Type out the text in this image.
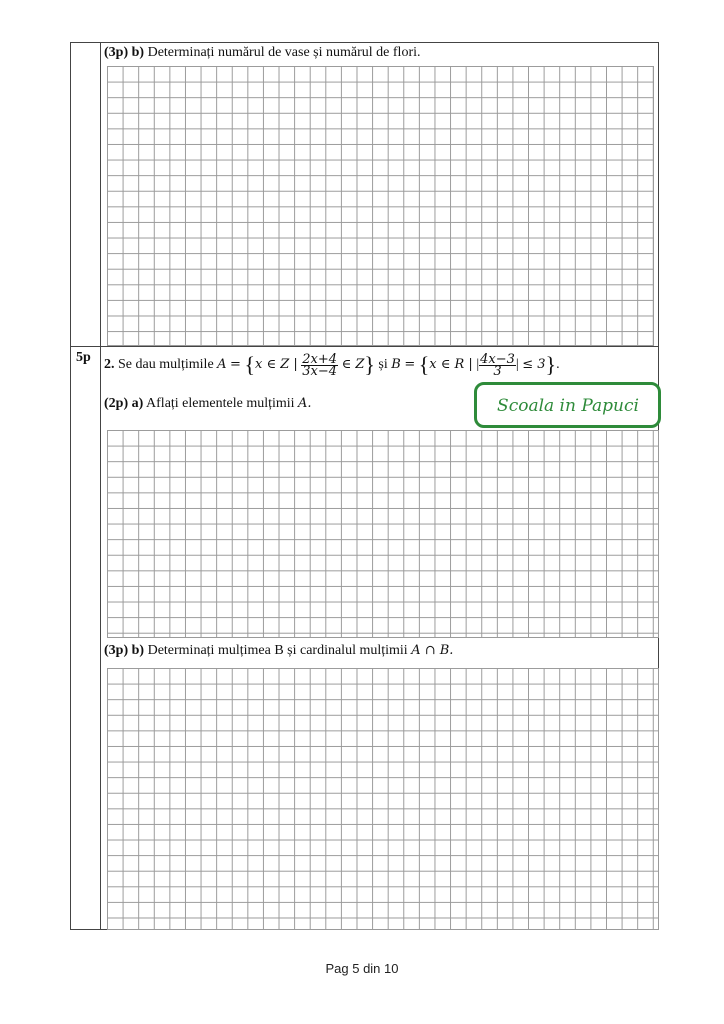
(3p) b) Determinați numărul de vase și numărul de flori.
5p 2. Se dau mulțimile A = {x ∈ Z | $\frac{2x+4}{3x-4}$ ∈ Z} și B = {x ∈ R | | $\frac{4x-3}{3}$ | ≤ 3}.
(2p) a) Aflați elementele mulțimii A.	Scoala in Papuci
(3p) b) Determinați mulțimea B și cardinalul mulțimii A ∩ B.
Pag 5 din 10
